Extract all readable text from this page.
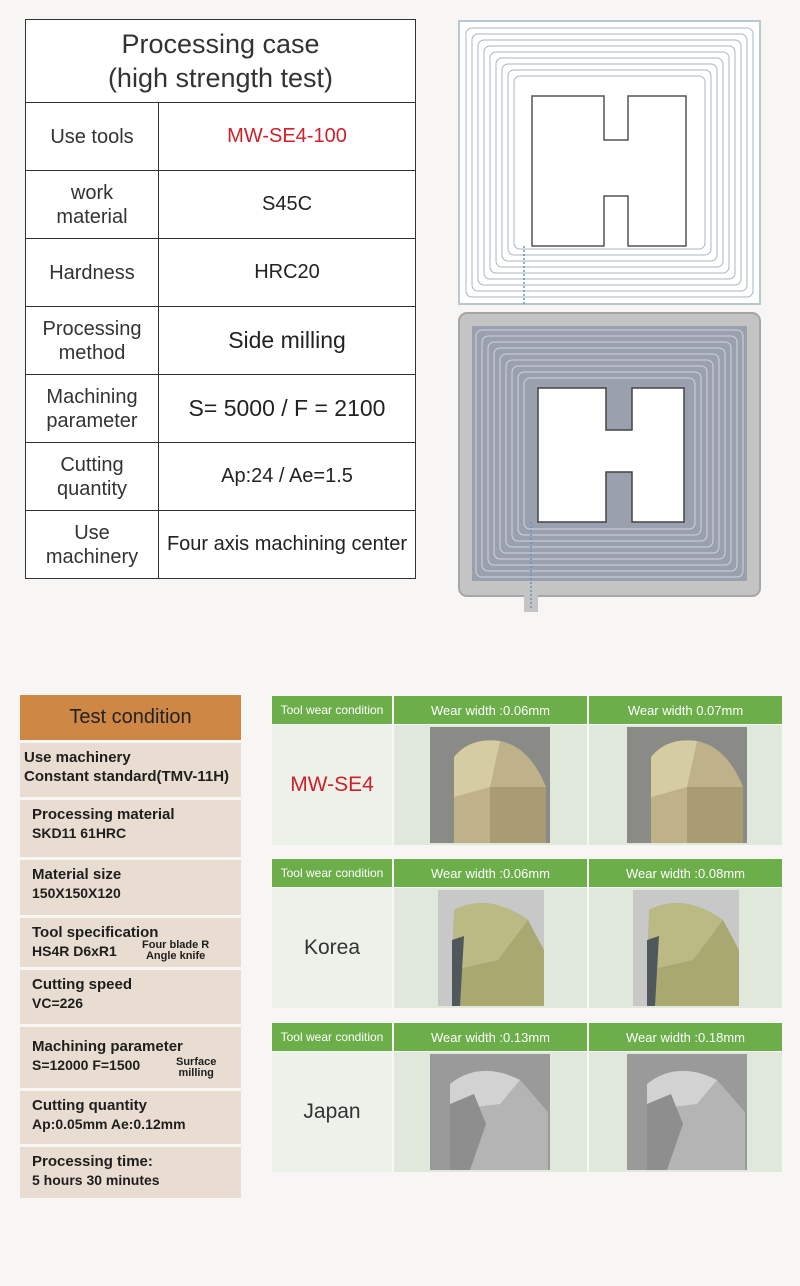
Processing case
(high strength test)	

Use tools	MW-SE4-100

work
material	S45C

Hardness	HRC20

Processing
method	Side milling

Machining
parameter	S= 5000 / F = 2100

Cutting
quantity	Ap:24 / Ae=1.5

Use
machinery	Four axis machining center
Test condition
Use machinery
Constant standard(TMV-11H)
Processing material
SKD11 61HRC
Material size
150X150X120
Tool specification
HS4R D6xR1	Four blade R
Angle knife
Cutting speed
VC=226
Machining parameter
S=12000 F=1500	Surface
milling
Cutting quantity
Ap:0.05mm Ae:0.12mm
Processing time:
5 hours 30 minutes
Tool wear condition	Wear width :0.06mm	Wear width 0.07mm
MW-SE4
Tool wear condition	Wear width :0.06mm	Wear width :0.08mm
Korea
Tool wear condition	Wear width :0.13mm	Wear width :0.18mm
Japan
